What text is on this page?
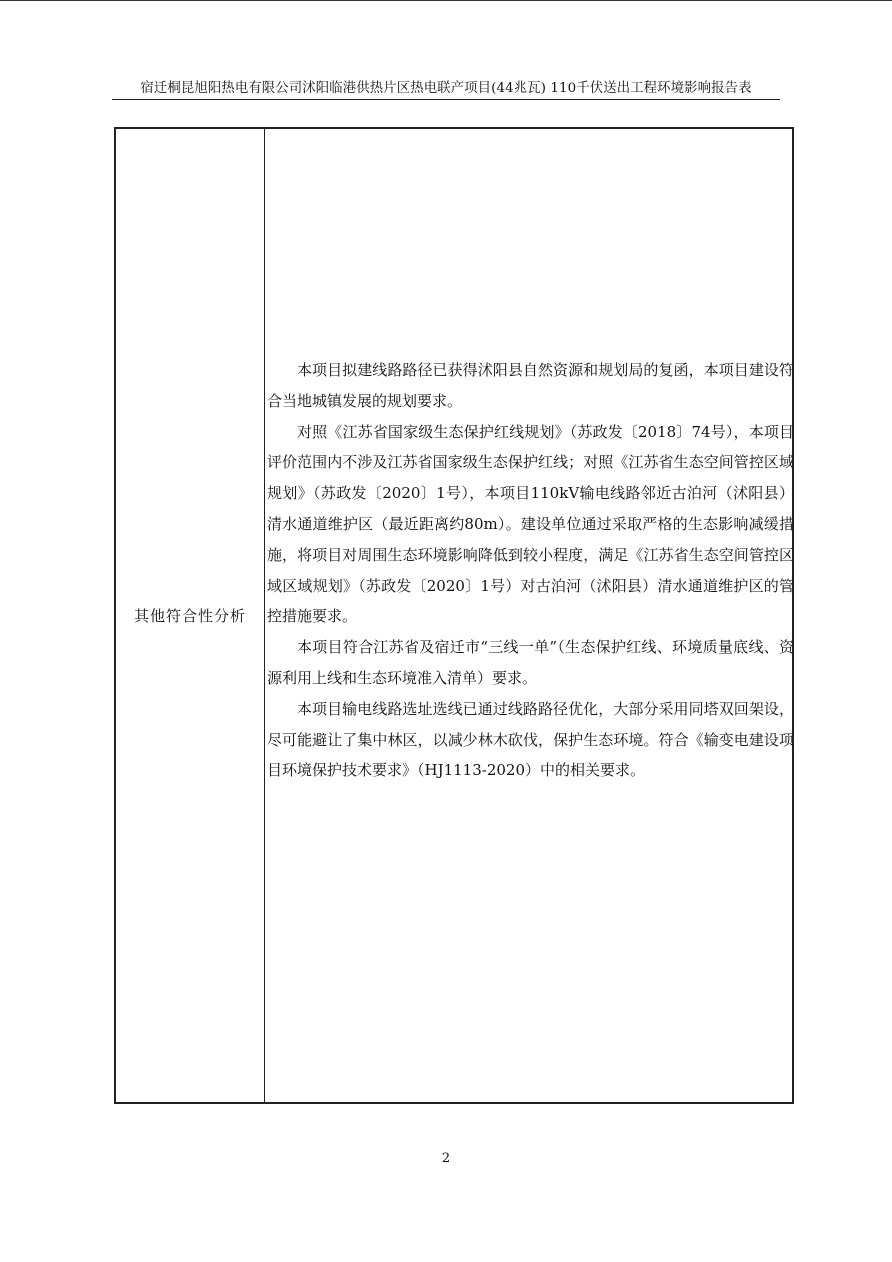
宿迁桐昆旭阳热电有限公司沭阳临港供热片区热电联产项目(44兆瓦) 110千伏送出工程环境影响报告表
其他符合性分析

本项目拟建线路路径已获得沭阳县自然资源和规划局的复函，本项目建设符合当地城镇发展的规划要求。

对照《江苏省国家级生态保护红线规划》（苏政发〔2018〕74号），本项目评价范围内不涉及江苏省国家级生态保护红线；对照《江苏省生态空间管控区域规划》（苏政发〔2020〕1号），本项目110kV输电线路邻近古泊河（沭阳县）清水通道维护区（最近距离约80m）。建设单位通过采取严格的生态影响减缓措施，将项目对周围生态环境影响降低到较小程度，满足《江苏省生态空间管控区域区域规划》（苏政发〔2020〕1号）对古泊河（沭阳县）清水通道维护区的管控措施要求。

本项目符合江苏省及宿迁市“三线一单”（生态保护红线、环境质量底线、资源利用上线和生态环境准入清单）要求。

本项目输电线路选址选线已通过线路路径优化，大部分采用同塔双回架设，尽可能避让了集中林区，以减少林木砍伐，保护生态环境。符合《输变电建设项目环境保护技术要求》（HJ1113-2020）中的相关要求。

2
